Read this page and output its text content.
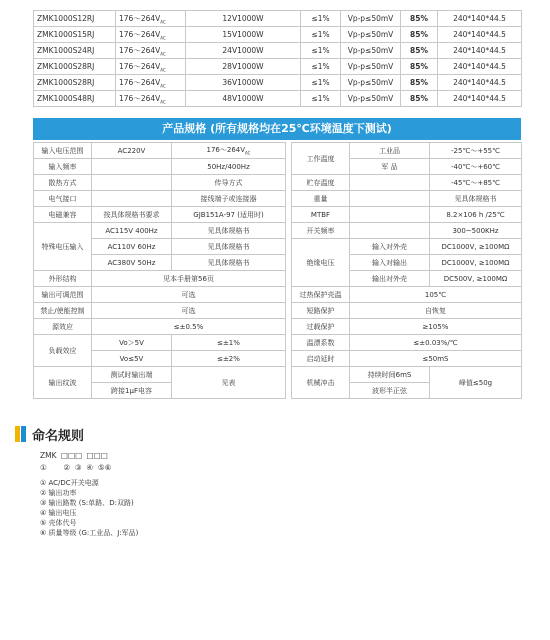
ZMK1000S12RJ	$176\sim 264V_{AC}$	12V1000W	≤1%	Vp-p≤50mV	85%	240*140*44.5
ZMK1000S15RJ	$176\sim 264V_{AC}$	15V1000W	≤1%	Vp-p≤50mV	85%	240*140*44.5
ZMK1000S24RJ	$176\sim 264V_{AC}$	24V1000W	≤1%	Vp-p≤50mV	85%	240*140*44.5
ZMK1000S28RJ	$176\sim 264V_{AC}$	28V1000W	≤1%	Vp-p≤50mV	85%	240*140*44.5
ZMK1000S28RJ	$176\sim 264V_{AC}$	36V1000W	≤1%	Vp-p≤50mV	85%	240*140*44.5
ZMK1000S48RJ	$176\sim 264V_{AC}$	48V1000W	≤1%	Vp-p≤50mV	85%	240*140*44.5
产品规格 (所有规格均在25℃环境温度下测试)
输入电压范围	AC220V	$176\sim 264V_{AC}$
输入频率		50Hz/400Hz
散热方式		传导方式
电气接口		接线端子或连接器
电磁兼容	按具体规格书要求	GJB151A-97 (适用时)
特殊电压输入	AC115V 400Hz	见具体规格书
	AC110V 60Hz	见具体规格书
	AC380V 50Hz	见具体规格书
外形结构	见本手册第56页	
输出可调范围	可选	
禁止/使能控制	可选	
源效应	≤±0.5%	
负载效应	Vo＞5V	≤±1%
	Vo≤5V	≤±2%
输出纹波	测试时输出端	见表
	跨接1μF电容	
工作温度	工业品	-25℃～+55℃
	军 品	-40℃～+60℃
贮存温度		-45℃～+85℃
重量		见具体规格书
MTBF		8.2×106 h /25℃
开关频率		300~500KHz
绝缘电压	输入对外壳	DC1000V, ≥100MΩ
	输入对输出	DC1000V, ≥100MΩ
	输出对外壳	DC500V, ≥100MΩ
过热保护壳温	105℃	
短路保护	自恢复	
过载保护	≥105%	
温漂系数	≤±0.03%/℃	
启动延时	≤50mS	
机械冲击	持续时间6mS	峰值≤50g
	波形半正弦	
命名规则
ZMK □□□ □□□
①       ②  ③  ④  ⑤⑥
① AC/DC开关电源
② 输出功率
③ 输出路数 (S:单路、D:双路)
④ 输出电压
⑤ 壳体代号
⑥ 质量等级 (G:工业品、J:军品)
